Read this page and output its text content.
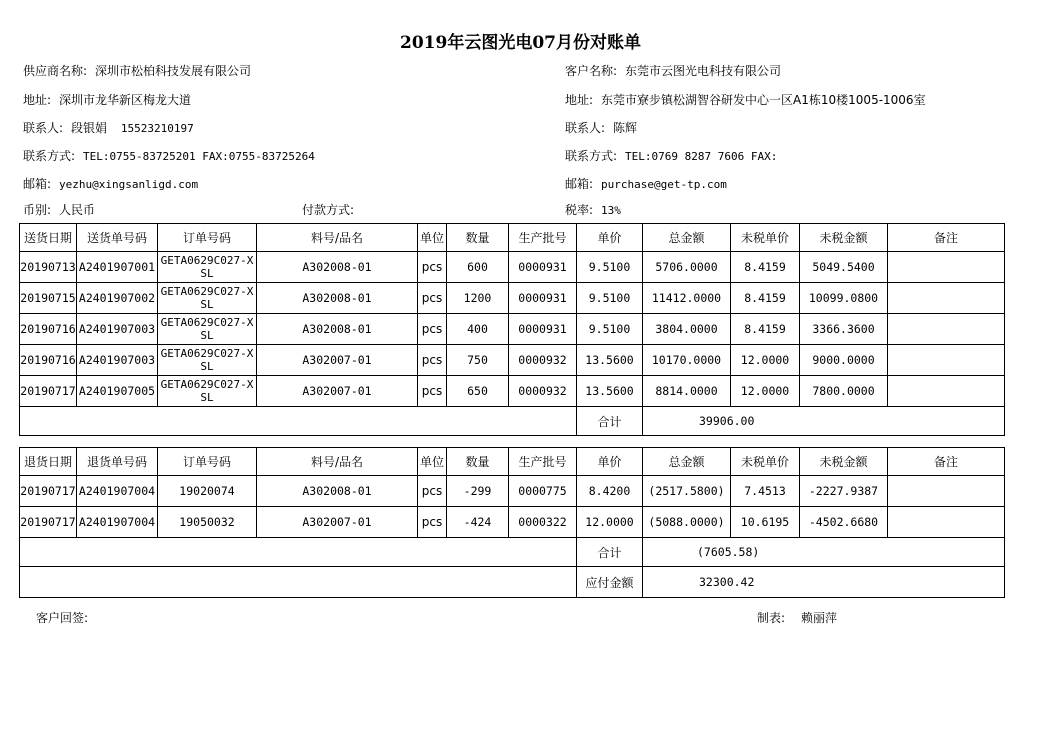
2019年云图光电07月份对账单
供应商名称: 深圳市松柏科技发展有限公司
地址: 深圳市龙华新区梅龙大道
联系人: 段银娟 15523210197
联系方式: TEL:0755-83725201 FAX:0755-83725264
邮箱: yezhu@xingsanligd.com
币别: 人民币	付款方式:
客户名称: 东莞市云图光电科技有限公司
地址: 东莞市寮步镇松湖智谷研发中心一区A1栋10楼1005-1006室
联系人: 陈辉
联系方式: TEL:0769 8287 7606 FAX:
邮箱: purchase@get-tp.com
税率: 13%
送货日期	送货单号码	订单号码	料号/品名	单位	数量	生产批号	单价	总金额	未税单价	未税金额	备注
20190713	A2401907001	GETA0629C027-XSL	A302008-01	pcs	600	0000931	9.5100	5706.0000	8.4159	5049.5400	
20190715	A2401907002	GETA0629C027-XSL	A302008-01	pcs	1200	0000931	9.5100	11412.0000	8.4159	10099.0800	
20190716	A2401907003	GETA0629C027-XSL	A302008-01	pcs	400	0000931	9.5100	3804.0000	8.4159	3366.3600	
20190716	A2401907003	GETA0629C027-XSL	A302007-01	pcs	750	0000932	13.5600	10170.0000	12.0000	9000.0000	
20190717	A2401907005	GETA0629C027-XSL	A302007-01	pcs	650	0000932	13.5600	8814.0000	12.0000	7800.0000	
							合计	39906.00			
退货日期	退货单号码	订单号码	料号/品名	单位	数量	生产批号	单价	总金额	未税单价	未税金额	备注
20190717	A2401907004	19020074	A302008-01	pcs	-299	0000775	8.4200	(2517.5800)	7.4513	-2227.9387	
20190717	A2401907004	19050032	A302007-01	pcs	-424	0000322	12.0000	(5088.0000)	10.6195	-4502.6680	
							合计	(7605.58)			
							应付金额	32300.42			
客户回签:	制表: 赖丽萍
